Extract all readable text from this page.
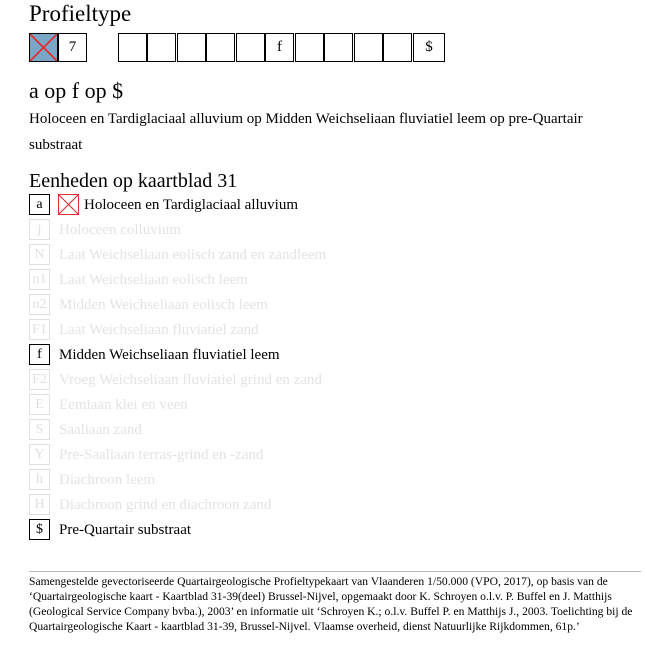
Profieltype
7	f	$
a op f op $
Holoceen en Tardiglaciaal alluvium op Midden Weichseliaan fluviatiel leem op pre-Quartair substraat
Eenheden op kaartblad 31
a	Holoceen en Tardiglaciaal alluvium
j	Holoceen colluvium
N Laat Weichseliaan eolisch zand en zandleem
n1 Laat Weichseliaan eolisch leem
n2 Midden Weichseliaan eolisch leem
F1 Laat Weichseliaan fluviatiel zand
f	Midden Weichseliaan fluviatiel leem
F2 Vroeg Weichseliaan fluviatiel grind en zand
E	Eemiaan klei en veen
S	Saaliaan zand
Y Pre-Saaliaan terras-grind en -zand
h	Diachroon leem
H Diachroon grind en diachroon zand
$	Pre-Quartair substraat
Samengestelde gevectoriseerde Quartairgeologische Profieltypekaart van Vlaanderen 1/50.000 (VPO, 2017), op basis van de ‘Quartairgeologische kaart - Kaartblad 31-39(deel) Brussel-Nijvel, opgemaakt door K. Schroyen o.l.v. P. Buffel en J. Matthijs (Geological Service Company bvba.), 2003’ en informatie uit ‘Schroyen K.; o.l.v. Buffel P. en Matthijs J., 2003. Toelichting bij de Quartairgeologische Kaart - kaartblad 31-39, Brussel-Nijvel. Vlaamse overheid, dienst Natuurlijke Rijkdommen, 61p.’
